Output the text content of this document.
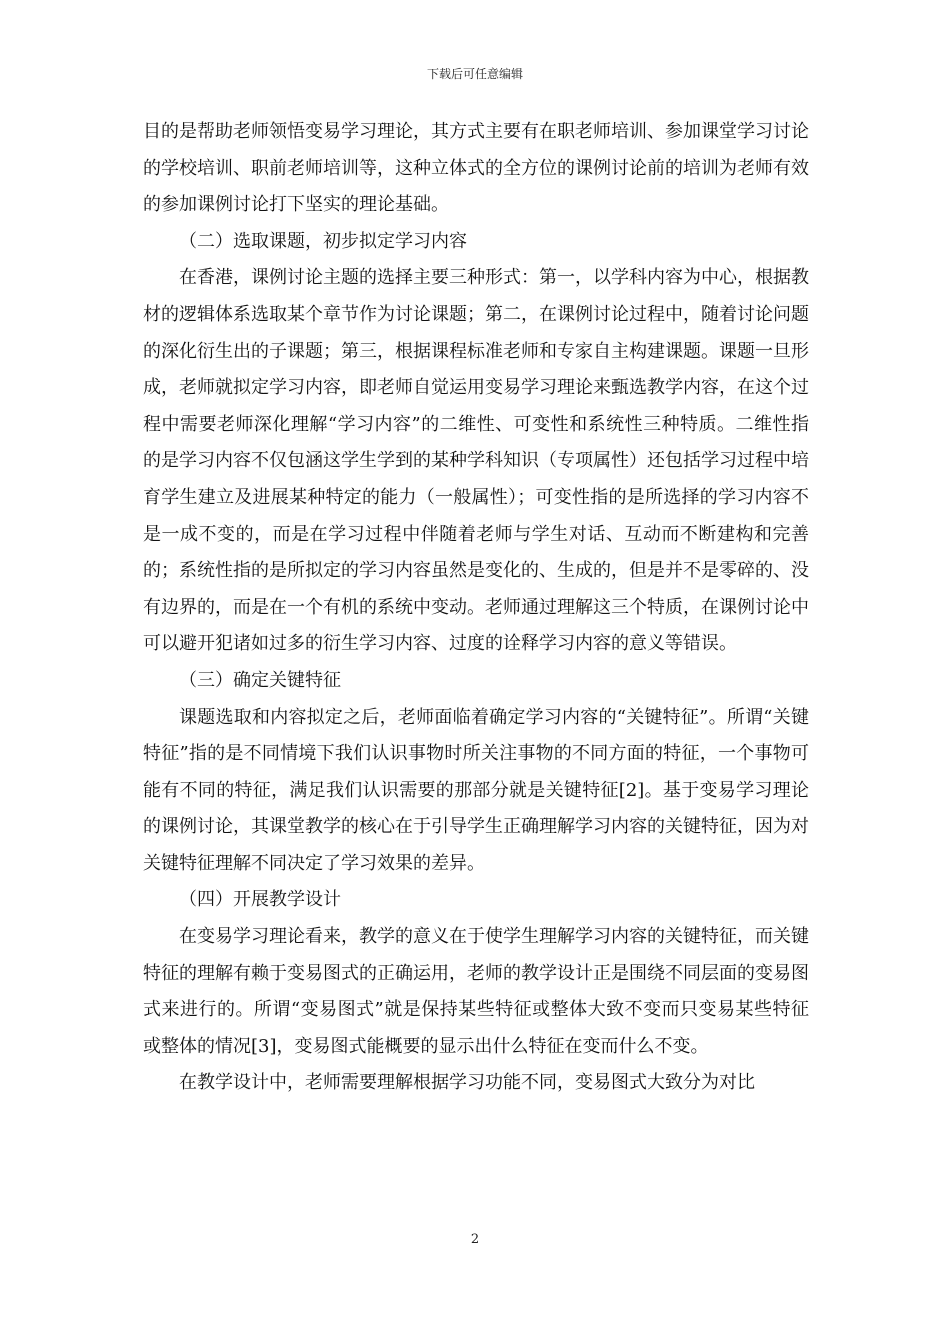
下载后可任意编辑

目的是帮助老师领悟变易学习理论，其方式主要有在职老师培训、参加课堂学习讨论的学校培训、职前老师培训等，这种立体式的全方位的课例讨论前的培训为老师有效的参加课例讨论打下坚实的理论基础。

（二）选取课题，初步拟定学习内容

在香港，课例讨论主题的选择主要三种形式：第一，以学科内容为中心，根据教材的逻辑体系选取某个章节作为讨论课题；第二，在课例讨论过程中，随着讨论问题的深化衍生出的子课题；第三，根据课程标准老师和专家自主构建课题。课题一旦形成，老师就拟定学习内容，即老师自觉运用变易学习理论来甄选教学内容，在这个过程中需要老师深化理解“学习内容”的二维性、可变性和系统性三种特质。二维性指的是学习内容不仅包涵这学生学到的某种学科知识（专项属性）还包括学习过程中培育学生建立及进展某种特定的能力（一般属性）；可变性指的是所选择的学习内容不是一成不变的，而是在学习过程中伴随着老师与学生对话、互动而不断建构和完善的；系统性指的是所拟定的学习内容虽然是变化的、生成的，但是并不是零碎的、没有边界的，而是在一个有机的系统中变动。老师通过理解这三个特质，在课例讨论中可以避开犯诸如过多的衍生学习内容、过度的诠释学习内容的意义等错误。

（三）确定关键特征

课题选取和内容拟定之后，老师面临着确定学习内容的“关键特征”。所谓“关键特征”指的是不同情境下我们认识事物时所关注事物的不同方面的特征，一个事物可能有不同的特征，满足我们认识需要的那部分就是关键特征[2]。基于变易学习理论的课例讨论，其课堂教学的核心在于引导学生正确理解学习内容的关键特征，因为对关键特征理解不同决定了学习效果的差异。

（四）开展教学设计

在变易学习理论看来，教学的意义在于使学生理解学习内容的关键特征，而关键特征的理解有赖于变易图式的正确运用，老师的教学设计正是围绕不同层面的变易图式来进行的。所谓“变易图式”就是保持某些特征或整体大致不变而只变易某些特征或整体的情况[3]，变易图式能概要的显示出什么特征在变而什么不变。

在教学设计中，老师需要理解根据学习功能不同，变易图式大致分为对比

2
